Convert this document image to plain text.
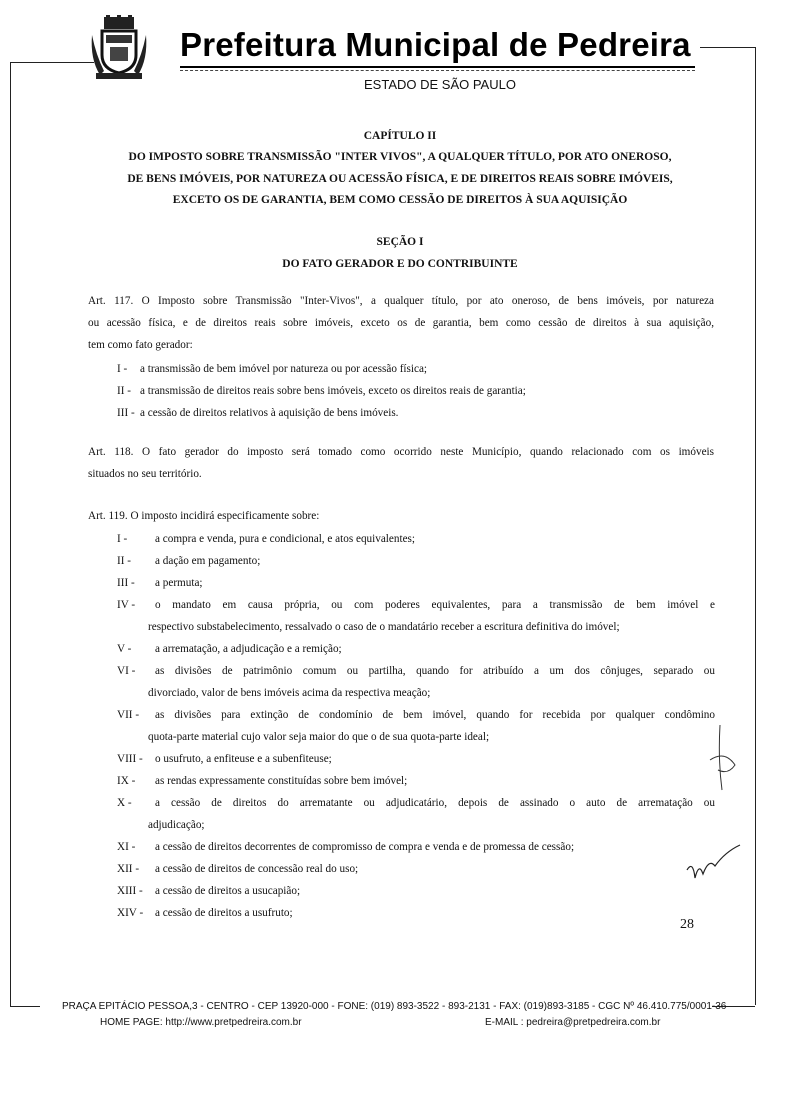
Prefeitura Municipal de Pedreira
ESTADO DE SÃO PAULO
CAPÍTULO II
DO IMPOSTO SOBRE TRANSMISSÃO "INTER VIVOS", A QUALQUER TÍTULO, POR ATO ONEROSO,
DE BENS IMÓVEIS, POR NATUREZA OU ACESSÃO FÍSICA, E DE DIREITOS REAIS SOBRE IMÓVEIS,
EXCETO OS DE GARANTIA, BEM COMO CESSÃO DE DIREITOS À SUA AQUISIÇÃO
SEÇÃO I
DO FATO GERADOR E DO CONTRIBUINTE
Art. 117. O Imposto sobre Transmissão "Inter-Vivos", a qualquer título, por ato oneroso, de bens imóveis, por natureza
ou acessão física, e de direitos reais sobre imóveis, exceto os de garantia, bem como cessão de direitos à sua aquisição,
tem como fato gerador:
I - a transmissão de bem imóvel por natureza ou por acessão física;
II - a transmissão de direitos reais sobre bens imóveis, exceto os direitos reais de garantia;
III - a cessão de direitos relativos à aquisição de bens imóveis.
Art. 118. O fato gerador do imposto será tomado como ocorrido neste Município, quando relacionado com os imóveis
situados no seu território.
Art. 119. O imposto incidirá especificamente sobre:
I - a compra e venda, pura e condicional, e atos equivalentes;
II - a dação em pagamento;
III - a permuta;
IV - o mandato em causa própria, ou com poderes equivalentes, para a transmissão de bem imóvel e
respectivo substabelecimento, ressalvado o caso de o mandatário receber a escritura definitiva do imóvel;
V - a arrematação, a adjudicação e a remição;
VI - as divisões de patrimônio comum ou partilha, quando for atribuído a um dos cônjuges, separado ou
divorciado, valor de bens imóveis acima da respectiva meação;
VII - as divisões para extinção de condomínio de bem imóvel, quando for recebida por qualquer condômino
quota-parte material cujo valor seja maior do que o de sua quota-parte ideal;
VIII - o usufruto, a enfiteuse e a subenfiteuse;
IX - as rendas expressamente constituídas sobre bem imóvel;
X - a cessão de direitos do arrematante ou adjudicatário, depois de assinado o auto de arrematação ou
adjudicação;
XI - a cessão de direitos decorrentes de compromisso de compra e venda e de promessa de cessão;
XII - a cessão de direitos de concessão real do uso;
XIII - a cessão de direitos a usucapião;
XIV - a cessão de direitos a usufruto;
28
PRAÇA EPITÁCIO PESSOA,3 - CENTRO - CEP 13920-000 - FONE: (019) 893-3522 - 893-2131 - FAX: (019)893-3185 - CGC Nº 46.410.775/0001-36
HOME PAGE: http://www.pretpedreira.com.br	E-MAIL : pedreira@pretpedreira.com.br
